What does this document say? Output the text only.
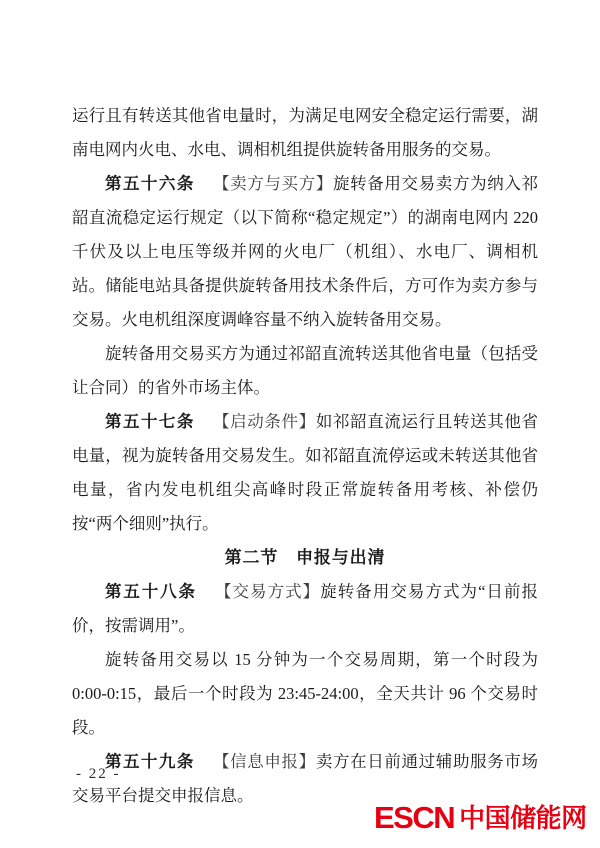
运行且有转送其他省电量时，为满足电网安全稳定运行需要，湖南电网内火电、水电、调相机组提供旋转备用服务的交易。

第五十六条 【卖方与买方】旋转备用交易卖方为纳入祁韶直流稳定运行规定（以下简称“稳定规定”）的湖南电网内 220 千伏及以上电压等级并网的火电厂（机组）、水电厂、调相机站。储能电站具备提供旋转备用技术条件后，方可作为卖方参与交易。火电机组深度调峰容量不纳入旋转备用交易。

旋转备用交易买方为通过祁韶直流转送其他省电量（包括受让合同）的省外市场主体。

第五十七条 【启动条件】如祁韶直流运行且转送其他省电量，视为旋转备用交易发生。如祁韶直流停运或未转送其他省电量，省内发电机组尖高峰时段正常旋转备用考核、补偿仍按“两个细则”执行。

第二节　申报与出清

第五十八条 【交易方式】旋转备用交易方式为“日前报价，按需调用”。

旋转备用交易以 15 分钟为一个交易周期，第一个时段为 0:00-0:15，最后一个时段为 23:45-24:00，全天共计 96 个交易时段。

第五十九条 【信息申报】卖方在日前通过辅助服务市场交易平台提交申报信息。

- 22 -
ESCN 中国储能网
